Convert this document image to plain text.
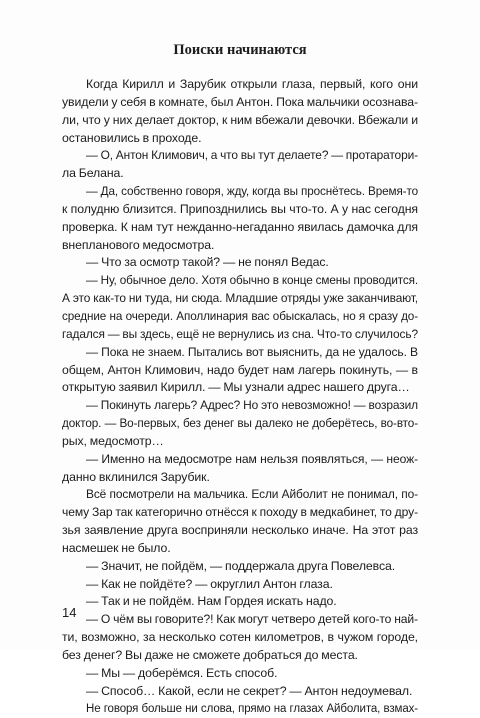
Поиски начинаются
Когда Кирилл и Зарубик открыли глаза, первый, кого они
увидели у себя в комнате, был Антон. Пока мальчики осознава-
ли, что у них делает доктор, к ним вбежали девочки. Вбежали и
остановились в проходе.
— О, Антон Климович, а что вы тут делаете? — протаратори-
ла Белана.
— Да, собственно говоря, жду, когда вы проснётесь. Время-то
к полудню близится. Припозднились вы что-то. А у нас сегодня
проверка. К нам тут нежданно-негаданно явилась дамочка для
внепланового медосмотра.
— Что за осмотр такой? — не понял Ведас.
— Ну, обычное дело. Хотя обычно в конце смены проводится.
А это как-то ни туда, ни сюда. Младшие отряды уже заканчивают,
средние на очереди. Аполлинария вас обыскалась, но я сразу до-
гадался — вы здесь, ещё не вернулись из сна. Что-то случилось?
— Пока не знаем. Пытались вот выяснить, да не удалось. В
общем, Антон Климович, надо будет нам лагерь покинуть, — в
открытую заявил Кирилл. — Мы узнали адрес нашего друга…
— Покинуть лагерь? Адрес? Но это невозможно! — возразил
доктор. — Во-первых, без денег вы далеко не доберётесь, во-вто-
рых, медосмотр…
— Именно на медосмотре нам нельзя появляться, — неож-
данно вклинился Зарубик.
Всё посмотрели на мальчика. Если Айболит не понимал, по-
чему Зар так категорично отнёсся к походу в медкабинет, то дру-
зья заявление друга восприняли несколько иначе. На этот раз
насмешек не было.
— Значит, не пойдём, — поддержала друга Повелевса.
— Как не пойдёте? — округлил Антон глаза.
— Так и не пойдём. Нам Гордея искать надо.
— О чём вы говорите?! Как могут четверо детей кого-то най-
ти, возможно, за несколько сотен километров, в чужом городе,
без денег? Вы даже не сможете добраться до места.
— Мы — доберёмся. Есть способ.
— Способ… Какой, если не секрет? — Антон недоумевал.
Не говоря больше ни слова, прямо на глазах Айболита, взмах-
14
